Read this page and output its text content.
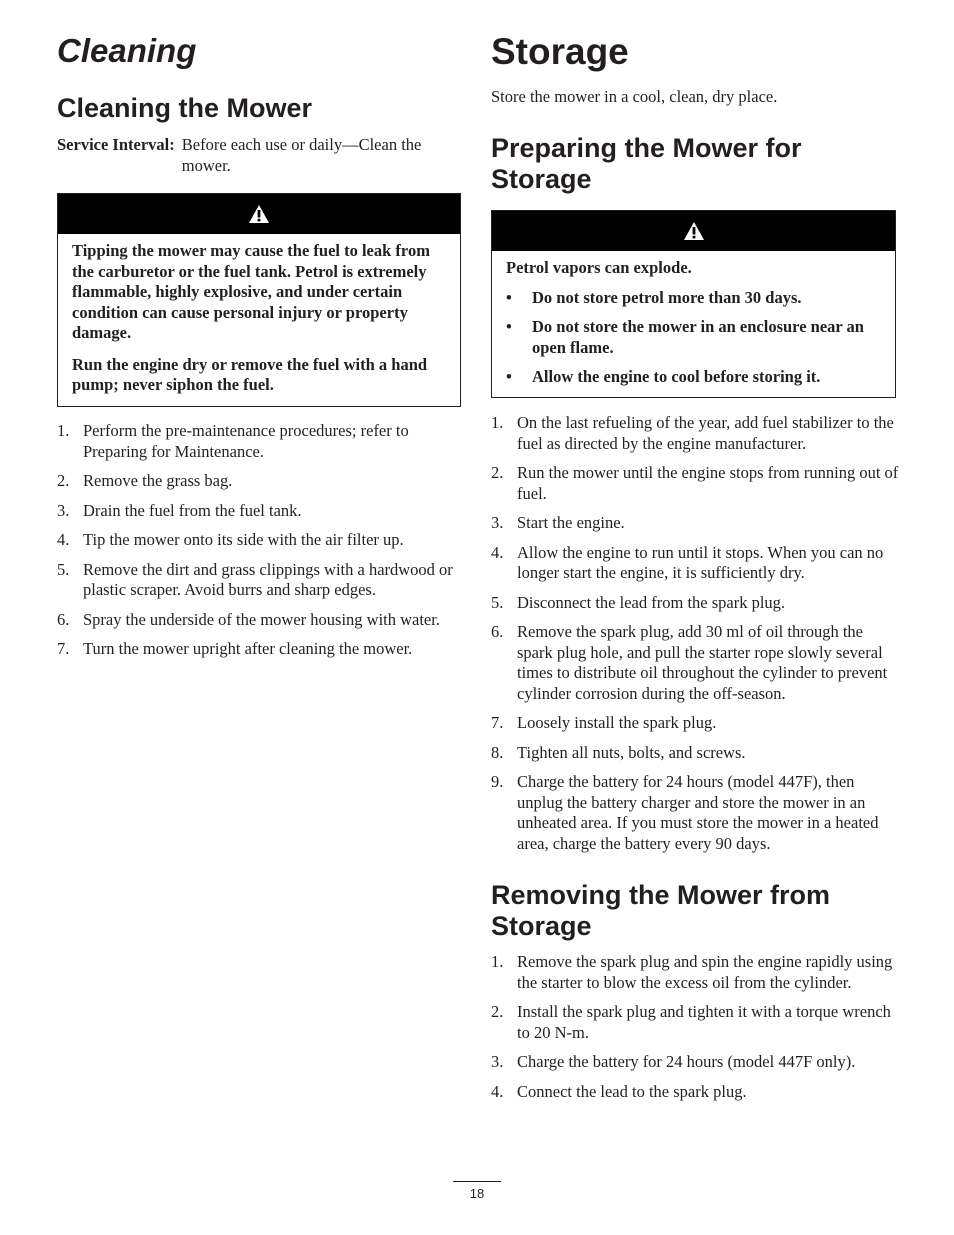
Cleaning
Cleaning the Mower
Service Interval: Before each use or daily—Clean the mower.

Tipping the mower may cause the fuel to leak from the carburetor or the fuel tank. Petrol is extremely flammable, highly explosive, and under certain condition can cause personal injury or property damage.

Run the engine dry or remove the fuel with a hand pump; never siphon the fuel.

1. Perform the pre-maintenance procedures; refer to Preparing for Maintenance.
2. Remove the grass bag.
3. Drain the fuel from the fuel tank.
4. Tip the mower onto its side with the air filter up.
5. Remove the dirt and grass clippings with a hardwood or plastic scraper. Avoid burrs and sharp edges.
6. Spray the underside of the mower housing with water.
7. Turn the mower upright after cleaning the mower.
Storage
Store the mower in a cool, clean, dry place.
Preparing the Mower for Storage

Petrol vapors can explode.

•	Do not store petrol more than 30 days.
•	Do not store the mower in an enclosure near an open flame.
•	Allow the engine to cool before storing it.
1. On the last refueling of the year, add fuel stabilizer to the fuel as directed by the engine manufacturer.
2. Run the mower until the engine stops from running out of fuel.
3. Start the engine.
4. Allow the engine to run until it stops. When you can no longer start the engine, it is sufficiently dry.
5. Disconnect the lead from the spark plug.
6. Remove the spark plug, add 30 ml of oil through the spark plug hole, and pull the starter rope slowly several times to distribute oil throughout the cylinder to prevent cylinder corrosion during the off-season.
7. Loosely install the spark plug.
8. Tighten all nuts, bolts, and screws.
9. Charge the battery for 24 hours (model 447F), then unplug the battery charger and store the mower in an unheated area. If you must store the mower in a heated area, charge the battery every 90 days.
Removing the Mower from Storage
1. Remove the spark plug and spin the engine rapidly using the starter to blow the excess oil from the cylinder.
2. Install the spark plug and tighten it with a torque wrench to 20 N-m.
3. Charge the battery for 24 hours (model 447F only).
4. Connect the lead to the spark plug.
18
